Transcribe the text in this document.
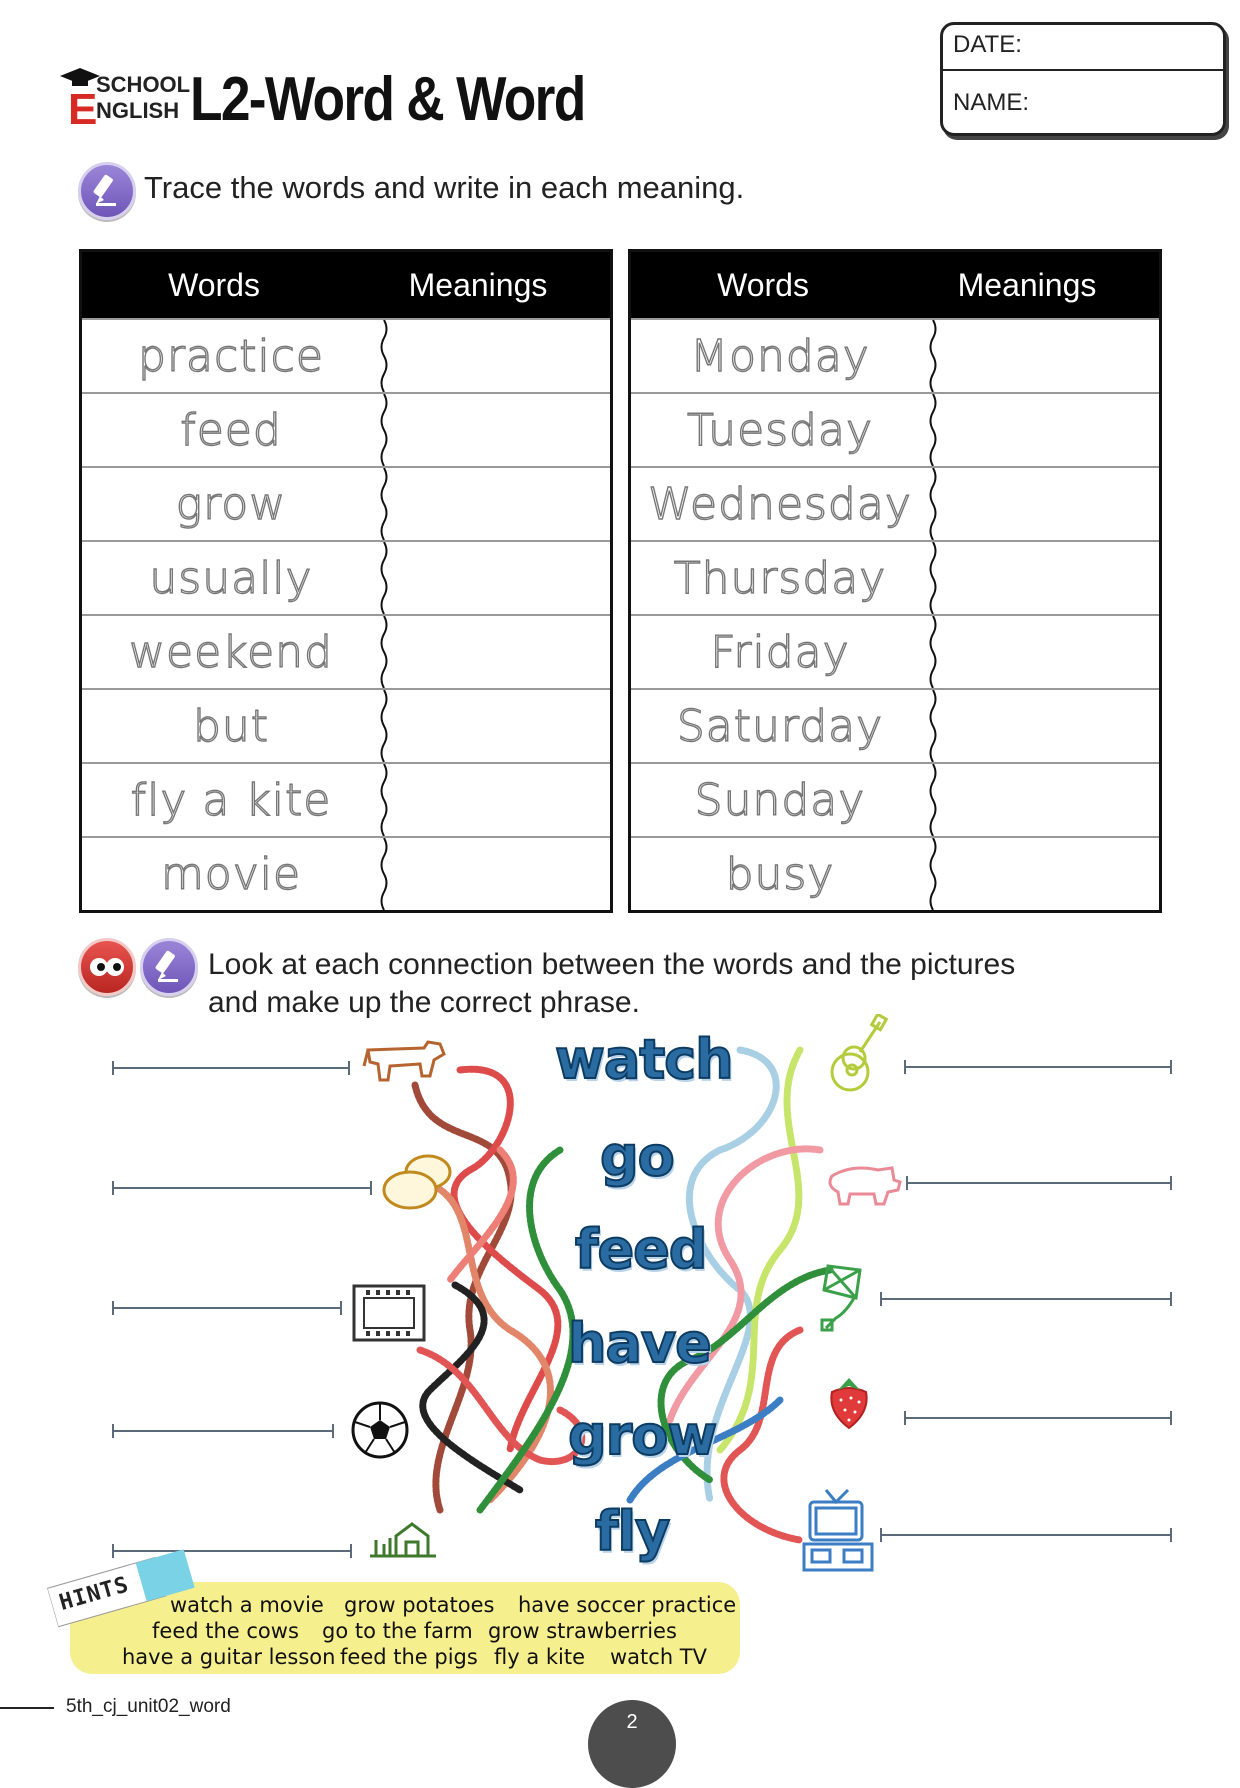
E
SCHOOL
NGLISH L2-Word & Word
DATE:
NAME:
Trace the words and write in each meaning.
Words	Meanings
practice
feed
grow
usually
weekend
but
fly a kite
movie
Words	Meanings
Monday
Tuesday
Wednesday
Thursday
Friday
Saturday
Sunday
busy
Look at each connection between the words and the pictures
and make up the correct phrase.
watch
go
feed
have
grow
fly
HINTS watch a movie grow potatoes have soccer practice
feed the cows go to the farm grow strawberries
have a guitar lesson feed the pigs fly a kite watch TV
5th_cj_unit02_word
2
